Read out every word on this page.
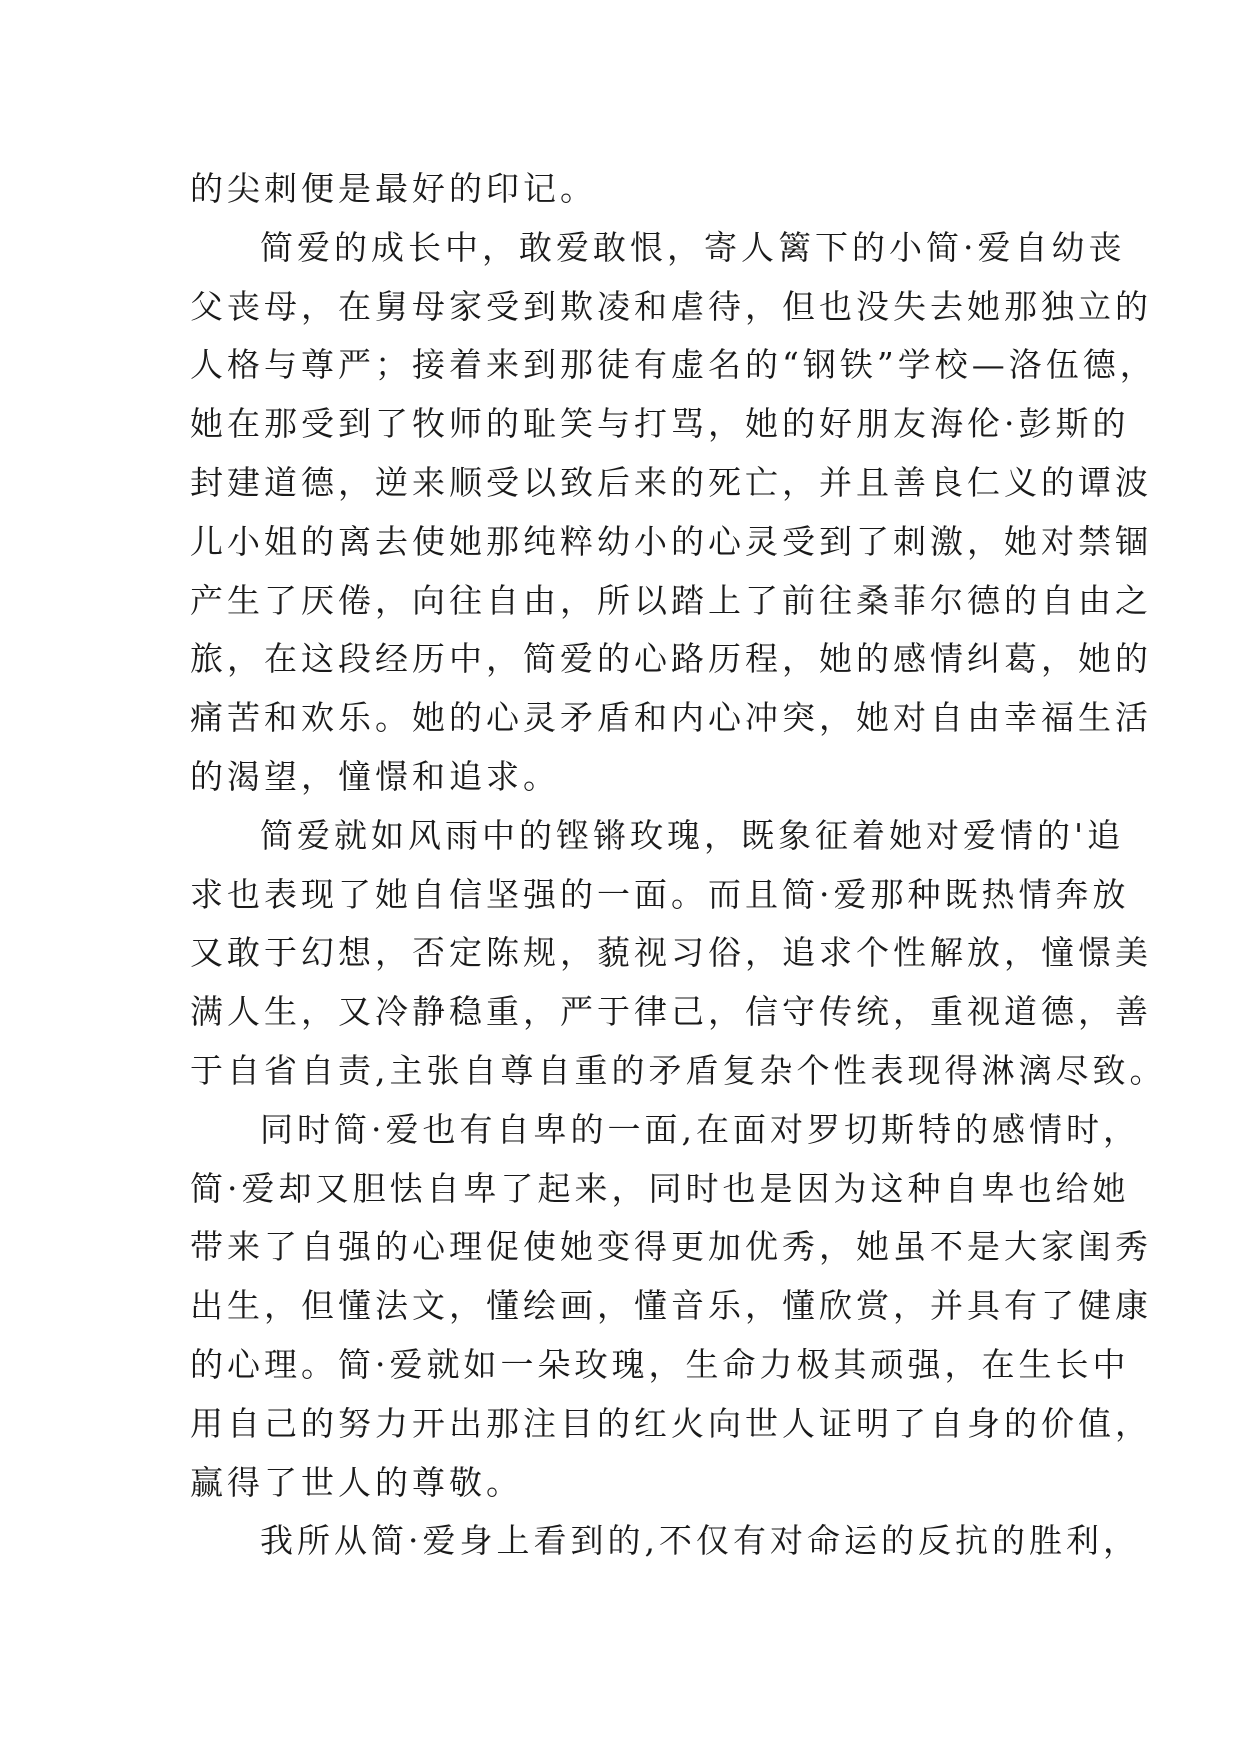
的尖刺便是最好的印记。
简爱的成长中，敢爱敢恨，寄人篱下的小简·爱自幼丧
父丧母，在舅母家受到欺凌和虐待，但也没失去她那独立的
人格与尊严；接着来到那徒有虚名的“钢铁”学校—洛伍德，
她在那受到了牧师的耻笑与打骂，她的好朋友海伦·彭斯的
封建道德，逆来顺受以致后来的死亡，并且善良仁义的谭波
儿小姐的离去使她那纯粹幼小的心灵受到了刺激，她对禁锢
产生了厌倦，向往自由，所以踏上了前往桑菲尔德的自由之
旅，在这段经历中，简爱的心路历程，她的感情纠葛，她的
痛苦和欢乐。她的心灵矛盾和内心冲突，她对自由幸福生活
的渴望，憧憬和追求。
简爱就如风雨中的铿锵玫瑰，既象征着她对爱情的'追
求也表现了她自信坚强的一面。而且简·爱那种既热情奔放
又敢于幻想，否定陈规，藐视习俗，追求个性解放，憧憬美
满人生，又冷静稳重，严于律己，信守传统，重视道德，善
于自省自责,主张自尊自重的矛盾复杂个性表现得淋漓尽致。
同时简·爱也有自卑的一面,在面对罗切斯特的感情时，
简·爱却又胆怯自卑了起来，同时也是因为这种自卑也给她
带来了自强的心理促使她变得更加优秀，她虽不是大家闺秀
出生，但懂法文，懂绘画，懂音乐，懂欣赏，并具有了健康
的心理。简·爱就如一朵玫瑰，生命力极其顽强，在生长中
用自己的努力开出那注目的红火向世人证明了自身的价值，
赢得了世人的尊敬。
我所从简·爱身上看到的,不仅有对命运的反抗的胜利，
